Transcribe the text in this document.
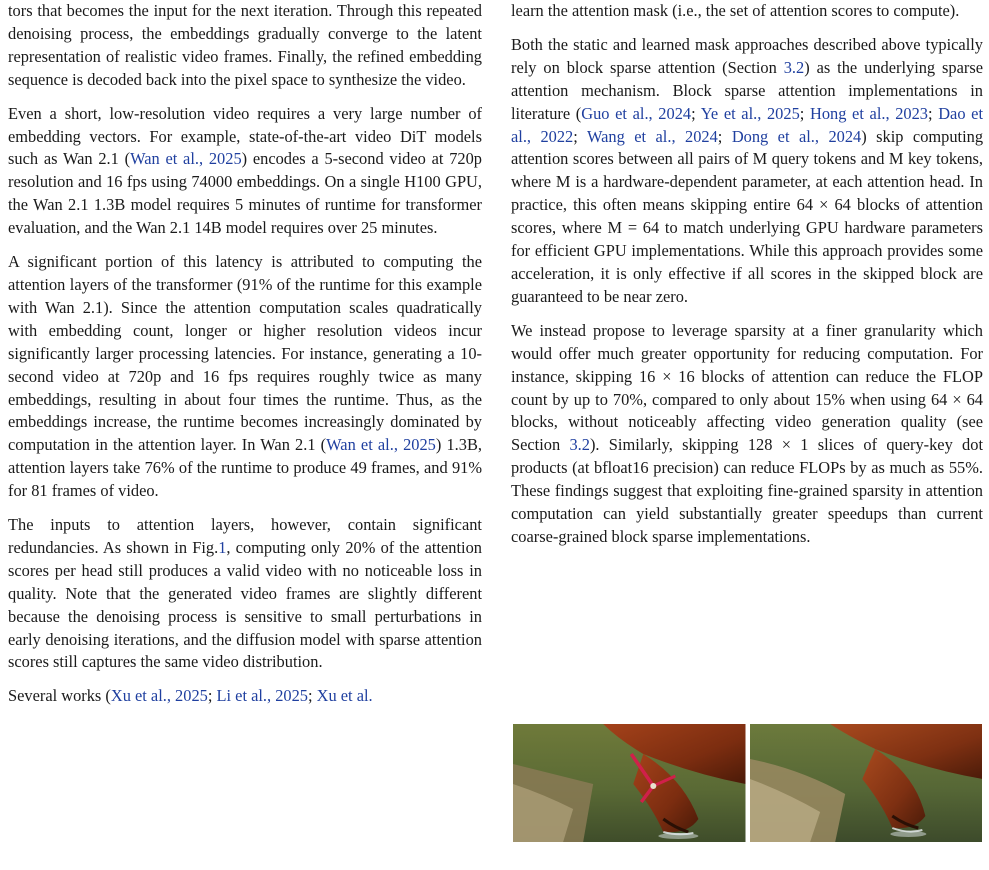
tors that becomes the input for the next iteration. Through this repeated denoising process, the embeddings gradually converge to the latent representation of realistic video frames. Finally, the refined embedding sequence is decoded back into the pixel space to synthesize the video.

Even a short, low-resolution video requires a very large number of embedding vectors. For example, state-of-the-art video DiT models such as Wan 2.1 (Wan et al., 2025) encodes a 5-second video at 720p resolution and 16 fps using 74000 embeddings. On a single H100 GPU, the Wan 2.1 1.3B model requires 5 minutes of runtime for transformer evaluation, and the Wan 2.1 14B model requires over 25 minutes.

A significant portion of this latency is attributed to computing the attention layers of the transformer (91% of the runtime for this example with Wan 2.1). Since the attention computation scales quadratically with embedding count, longer or higher resolution videos incur significantly larger processing latencies. For instance, generating a 10-second video at 720p and 16 fps requires roughly twice as many embeddings, resulting in about four times the runtime. Thus, as the embeddings increase, the runtime becomes increasingly dominated by computation in the attention layer. In Wan 2.1 (Wan et al., 2025) 1.3B, attention layers take 76% of the runtime to produce 49 frames, and 91% for 81 frames of video.

The inputs to attention layers, however, contain significant redundancies. As shown in Fig.1, computing only 20% of the attention scores per head still produces a valid video with no noticeable loss in quality. Note that the generated video frames are slightly different because the denoising process is sensitive to small perturbations in early denoising iterations, and the diffusion model with sparse attention scores still captures the same video distribution.

Several works (Xu et al., 2025; Li et al., 2025; Xu et al.

learn the attention mask (i.e., the set of attention scores to compute).

Both the static and learned mask approaches described above typically rely on block sparse attention (Section 3.2) as the underlying sparse attention mechanism. Block sparse attention implementations in literature (Guo et al., 2024; Ye et al., 2025; Hong et al., 2023; Dao et al., 2022; Wang et al., 2024; Dong et al., 2024) skip computing attention scores between all pairs of M query tokens and M key tokens, where M is a hardware-dependent parameter, at each attention head. In practice, this often means skipping entire 64 × 64 blocks of attention scores, where M = 64 to match underlying GPU hardware parameters for efficient GPU implementations. While this approach provides some acceleration, it is only effective if all scores in the skipped block are guaranteed to be near zero.

We instead propose to leverage sparsity at a finer granularity which would offer much greater opportunity for reducing computation. For instance, skipping 16 × 16 blocks of attention can reduce the FLOP count by up to 70%, compared to only about 15% when using 64 × 64 blocks, without noticeably affecting video generation quality (see Section 3.2). Similarly, skipping 128 × 1 slices of query-key dot products (at bfloat16 precision) can reduce FLOPs by as much as 55%. These findings suggest that exploiting fine-grained sparsity in attention computation can yield substantially greater speedups than current coarse-grained block sparse implementations.
